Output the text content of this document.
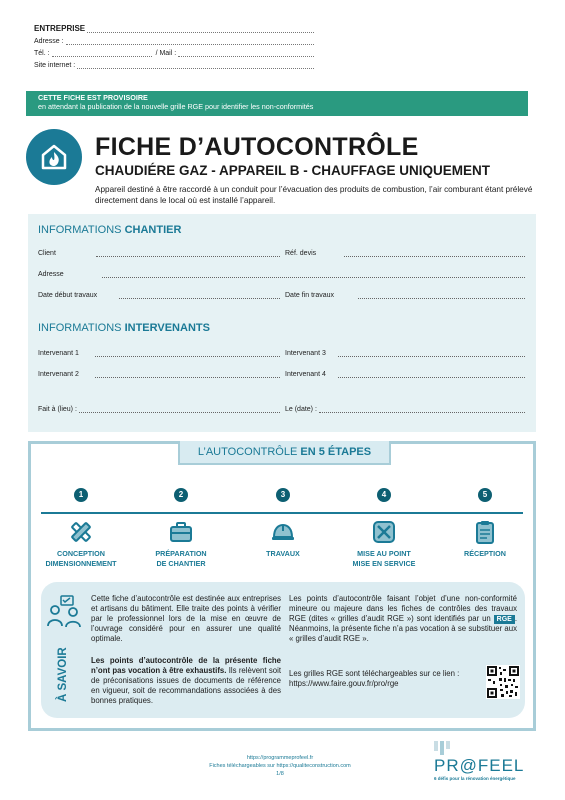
ENTREPRISE
Adresse :
Tél. :	/ Mail :
Site internet :
CETTE FICHE EST PROVISOIRE
en attendant la publication de la nouvelle grille RGE pour identifier les non-conformités
FICHE D’AUTOCONTRÔLE
CHAUDIÉRE GAZ - APPAREIL B - CHAUFFAGE UNIQUEMENT
Appareil destiné à être raccordé à un conduit pour l’évacuation des produits de combustion, l’air comburant étant prélevé directement dans le local où est installé l’appareil.
INFORMATIONS CHANTIER
Client	Réf. devis
Adresse
Date début travaux	Date fin travaux
INFORMATIONS INTERVENANTS
Intervenant 1	Intervenant 3
Intervenant 2	Intervenant 4
Fait à (lieu) :	Le (date) :
L’AUTOCONTRÔLE EN 5 ÉTAPES
1
CONCEPTION
DIMENSIONNEMENT
2
PRÉPARATION
DE CHANTIER
3
TRAVAUX
4
MISE AU POINT
MISE EN SERVICE
5
RÉCEPTION
À SAVOIR
Cette fiche d’autocontrôle est destinée aux entreprises et artisans du bâtiment. Elle traite des points à vérifier par le professionnel lors de la mise en œuvre de l’ouvrage considéré pour en assurer une qualité optimale.
Les points d’autocontrôle de la présente fiche n’ont pas vocation à être exhaustifs. Ils relèvent soit de préconisations issues de documents de référence en vigueur, soit de recommandations associées à des bonnes pratiques.
Les points d’autocontrôle faisant l’objet d’une non-conformité mineure ou majeure dans les fiches de contrôles des travaux RGE (dites « grilles d’audit RGE ») sont identifiés par un RGE . Néanmoins, la présente fiche n’a pas vocation à se substituer aux « grilles d’audit RGE ».
Les grilles RGE sont téléchargeables sur ce lien :
https://www.faire.gouv.fr/pro/rge
https://programmeprofeel.fr
Fiches téléchargeables sur https://qualiteconstruction.com
1/8	PR@FEEL
6 défis pour la rénovation énergétique
